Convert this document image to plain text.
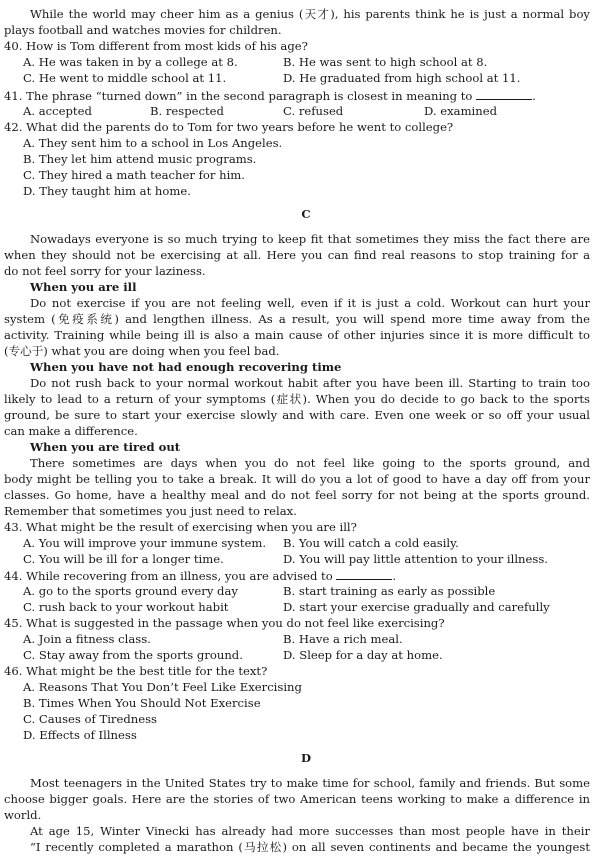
While the world may cheer him as a genius (天才), his parents think he is just a normal boy
plays football and watches movies for children.
40. How is Tom different from most kids of his age?
A. He was taken in by a college at 8.	B. He was sent to high school at 8.
C. He went to middle school at 11.	D. He graduated from high school at 11.
41. The phrase “turned down” in the second paragraph is closest in meaning to	.
A. accepted	B. respected	C. refused	D. examined
42. What did the parents do to Tom for two years before he went to college?
A. They sent him to a school in Los Angeles.
B. They let him attend music programs.
C. They hired a math teacher for him.
D. They taught him at home.
C
Nowadays everyone is so much trying to keep fit that sometimes they miss the fact there are
when they should not be exercising at all. Here you can find real reasons to stop training for a
do not feel sorry for your laziness.
When you are ill
Do not exercise if you are not feeling well, even if it is just a cold. Workout can hurt your
system (免疫系统) and lengthen illness. As a result, you will spend more time away from the
activity. Training while being ill is also a main cause of other injuries since it is more difficult to
(专心于) what you are doing when you feel bad.
When you have not had enough recovering time
Do not rush back to your normal workout habit after you have been ill. Starting to train too
likely to lead to a return of your symptoms (症状). When you do decide to go back to the sports
ground, be sure to start your exercise slowly and with care. Even one week or so off your usual
can make a difference.
When you are tired out
There sometimes are days when you do not feel like going to the sports ground, and
body might be telling you to take a break. It will do you a lot of good to have a day off from your
classes. Go home, have a healthy meal and do not feel sorry for not being at the sports ground.
Remember that sometimes you just need to relax.
43. What might be the result of exercising when you are ill?
A. You will improve your immune system.	B. You will catch a cold easily.
C. You will be ill for a longer time.	D. You will pay little attention to your illness.
44. While recovering from an illness, you are advised to	.
A. go to the sports ground every day	B. start training as early as possible
C. rush back to your workout habit	D. start your exercise gradually and carefully
45. What is suggested in the passage when you do not feel like exercising?
A. Join a fitness class.	B. Have a rich meal.
C. Stay away from the sports ground.	D. Sleep for a day at home.
46. What might be the best title for the text?
A. Reasons That You Don’t Feel Like Exercising
B. Times When You Should Not Exercise
C. Causes of Tiredness
D. Effects of Illness
D
Most teenagers in the United States try to make time for school, family and friends. But some
choose bigger goals. Here are the stories of two American teens working to make a difference in
world.
At age 15, Winter Vinecki has already had more successes than most people have in their
“I recently completed a marathon (马拉松) on all seven continents and became the youngest
